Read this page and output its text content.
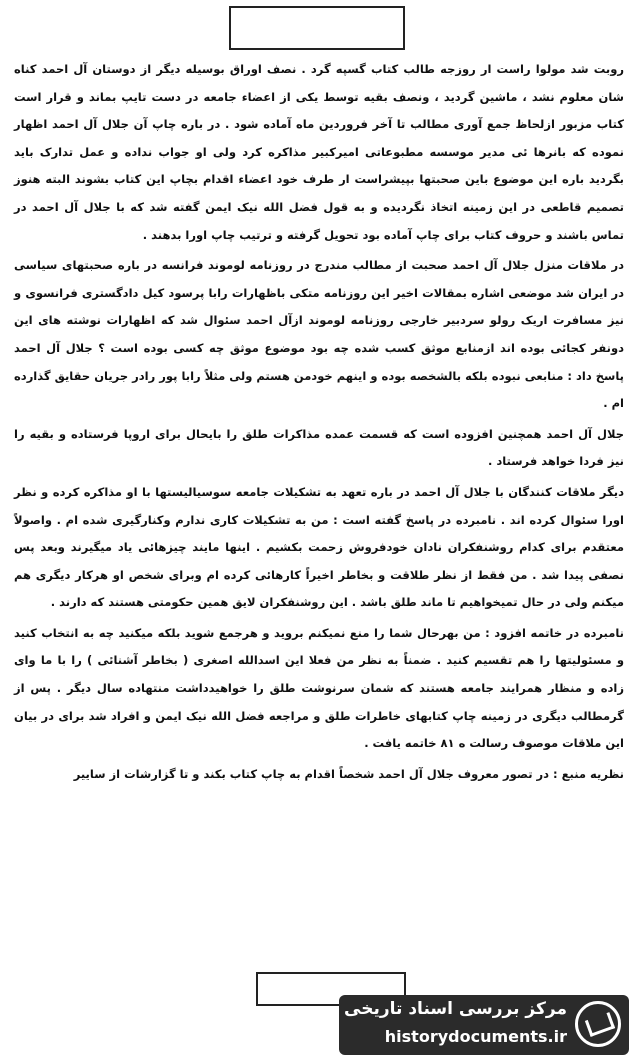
روبت شد مولوا راست ار روزجه طالب کتاب گسپه گرد . نصف اوراق بوسیله دیگر از دوستان آل احمد کناه شان معلوم نشد ، ماشین گردید ، ونصف بقیه توسط یکی از اعضاء جامعه در دست تایپ بماند و قرار است کتاب مزبور ازلحاظ جمع آوری مطالب تا آخر فروردین ماه آماده شود . در باره چاپ آن جلال آل احمد اظهار نموده که بانرها ئی مدیر موسسه مطبوعاتی امیرکبیر مذاکره کرد ولی او جواب نداده و عمل تدارک باید بگردید باره این موضوع باین صحبتها بپیشراست ار طرف خود اعضاء اقدام بچاپ این کتاب بشوند البته هنوز تصمیم قاطعی در این زمینه اتخاذ نگردیده و به قول فضل الله نیک ایمن گفته شد که با جلال آل احمد در تماس باشند و حروف کتاب برای چاپ آماده بود تحویل گرفته و ترتیب چاپ اورا بدهند .

در ملاقات منزل جلال آل احمد صحبت از مطالب مندرج در روزنامه لوموند فرانسه در باره صحبتهای سیاسی در ایران شد موضعی اشاره بمقالات اخیر این روزنامه متکی باظهارات رابا پرسود کیل دادگستری فرانسوی و نیز مسافرت اریک رولو سردبیر خارجی روزنامه لوموند ازآل احمد سئوال شد که اظهارات نوشته های این دونفر کجائی بوده اند ازمنابع موثق کسب شده چه بود موضوع موثق چه کسی بوده است ؟ جلال آل احمد پاسخ داد : منابعی نبوده بلکه بالشخصه بوده و اینهم خودمن هستم ولی مثلاً رابا پور رادر جریان حقایق گذارده ام .

جلال آل احمد همچنین افزوده است که قسمت عمده مذاکرات طلق را بایحال برای اروپا فرستاده و بقیه را نیز فردا خواهد فرستاد .

دیگر ملاقات کنندگان با جلال آل احمد در باره تعهد به تشکیلات جامعه سوسیالیستها با او مذاکره کرده و نظر اورا سئوال کرده اند . نامبرده در پاسخ گفته است : من به تشکیلات کاری ندارم وکنارگیری شده ام . واصولاً معتقدم برای کدام روشنفکران نادان خودفروش زحمت بکشیم . اینها مایند چیزهائی یاد میگیرند وبعد پس نصفی پیدا شد . من فقط از نظر طلاقت و بخاطر اخیراً کارهائی کرده ام وبرای شخص او هرکار دیگری هم میکنم ولی در حال تمیخواهیم تا ماند طلق باشد . این روشنفکران لایق همین حکومتی هستند که دارند .

نامبرده در خاتمه افزود : من بهرحال شما را منع نمیکنم بروید و هرجمع شوید بلکه میکنید چه به انتخاب کنید و مسئولیتها را هم تقسیم کنید . ضمناً به نظر من فعلا این اسدالله اصغری ( بخاطر آشنائی ) را با ما وای زاده و منظار همرایند جامعه هستند که شمان سرنوشت طلق را خواهیدداشت منتهاده سال دیگر . پس از گرمطالب دیگری در زمینه چاپ کتابهای خاطرات طلق و مراجعه فضل الله نیک ایمن و افراد شد برای در بیان این ملاقات موصوف رسالت ه ٨١ خاتمه یافت .

نظریه منبع : در تصور معروف جلال آل احمد شخصاً اقدام به چاپ کتاب بکند و تا گزارشات از ساییر

مرکز بررسی اسناد تاریخی
historydocuments.ir
